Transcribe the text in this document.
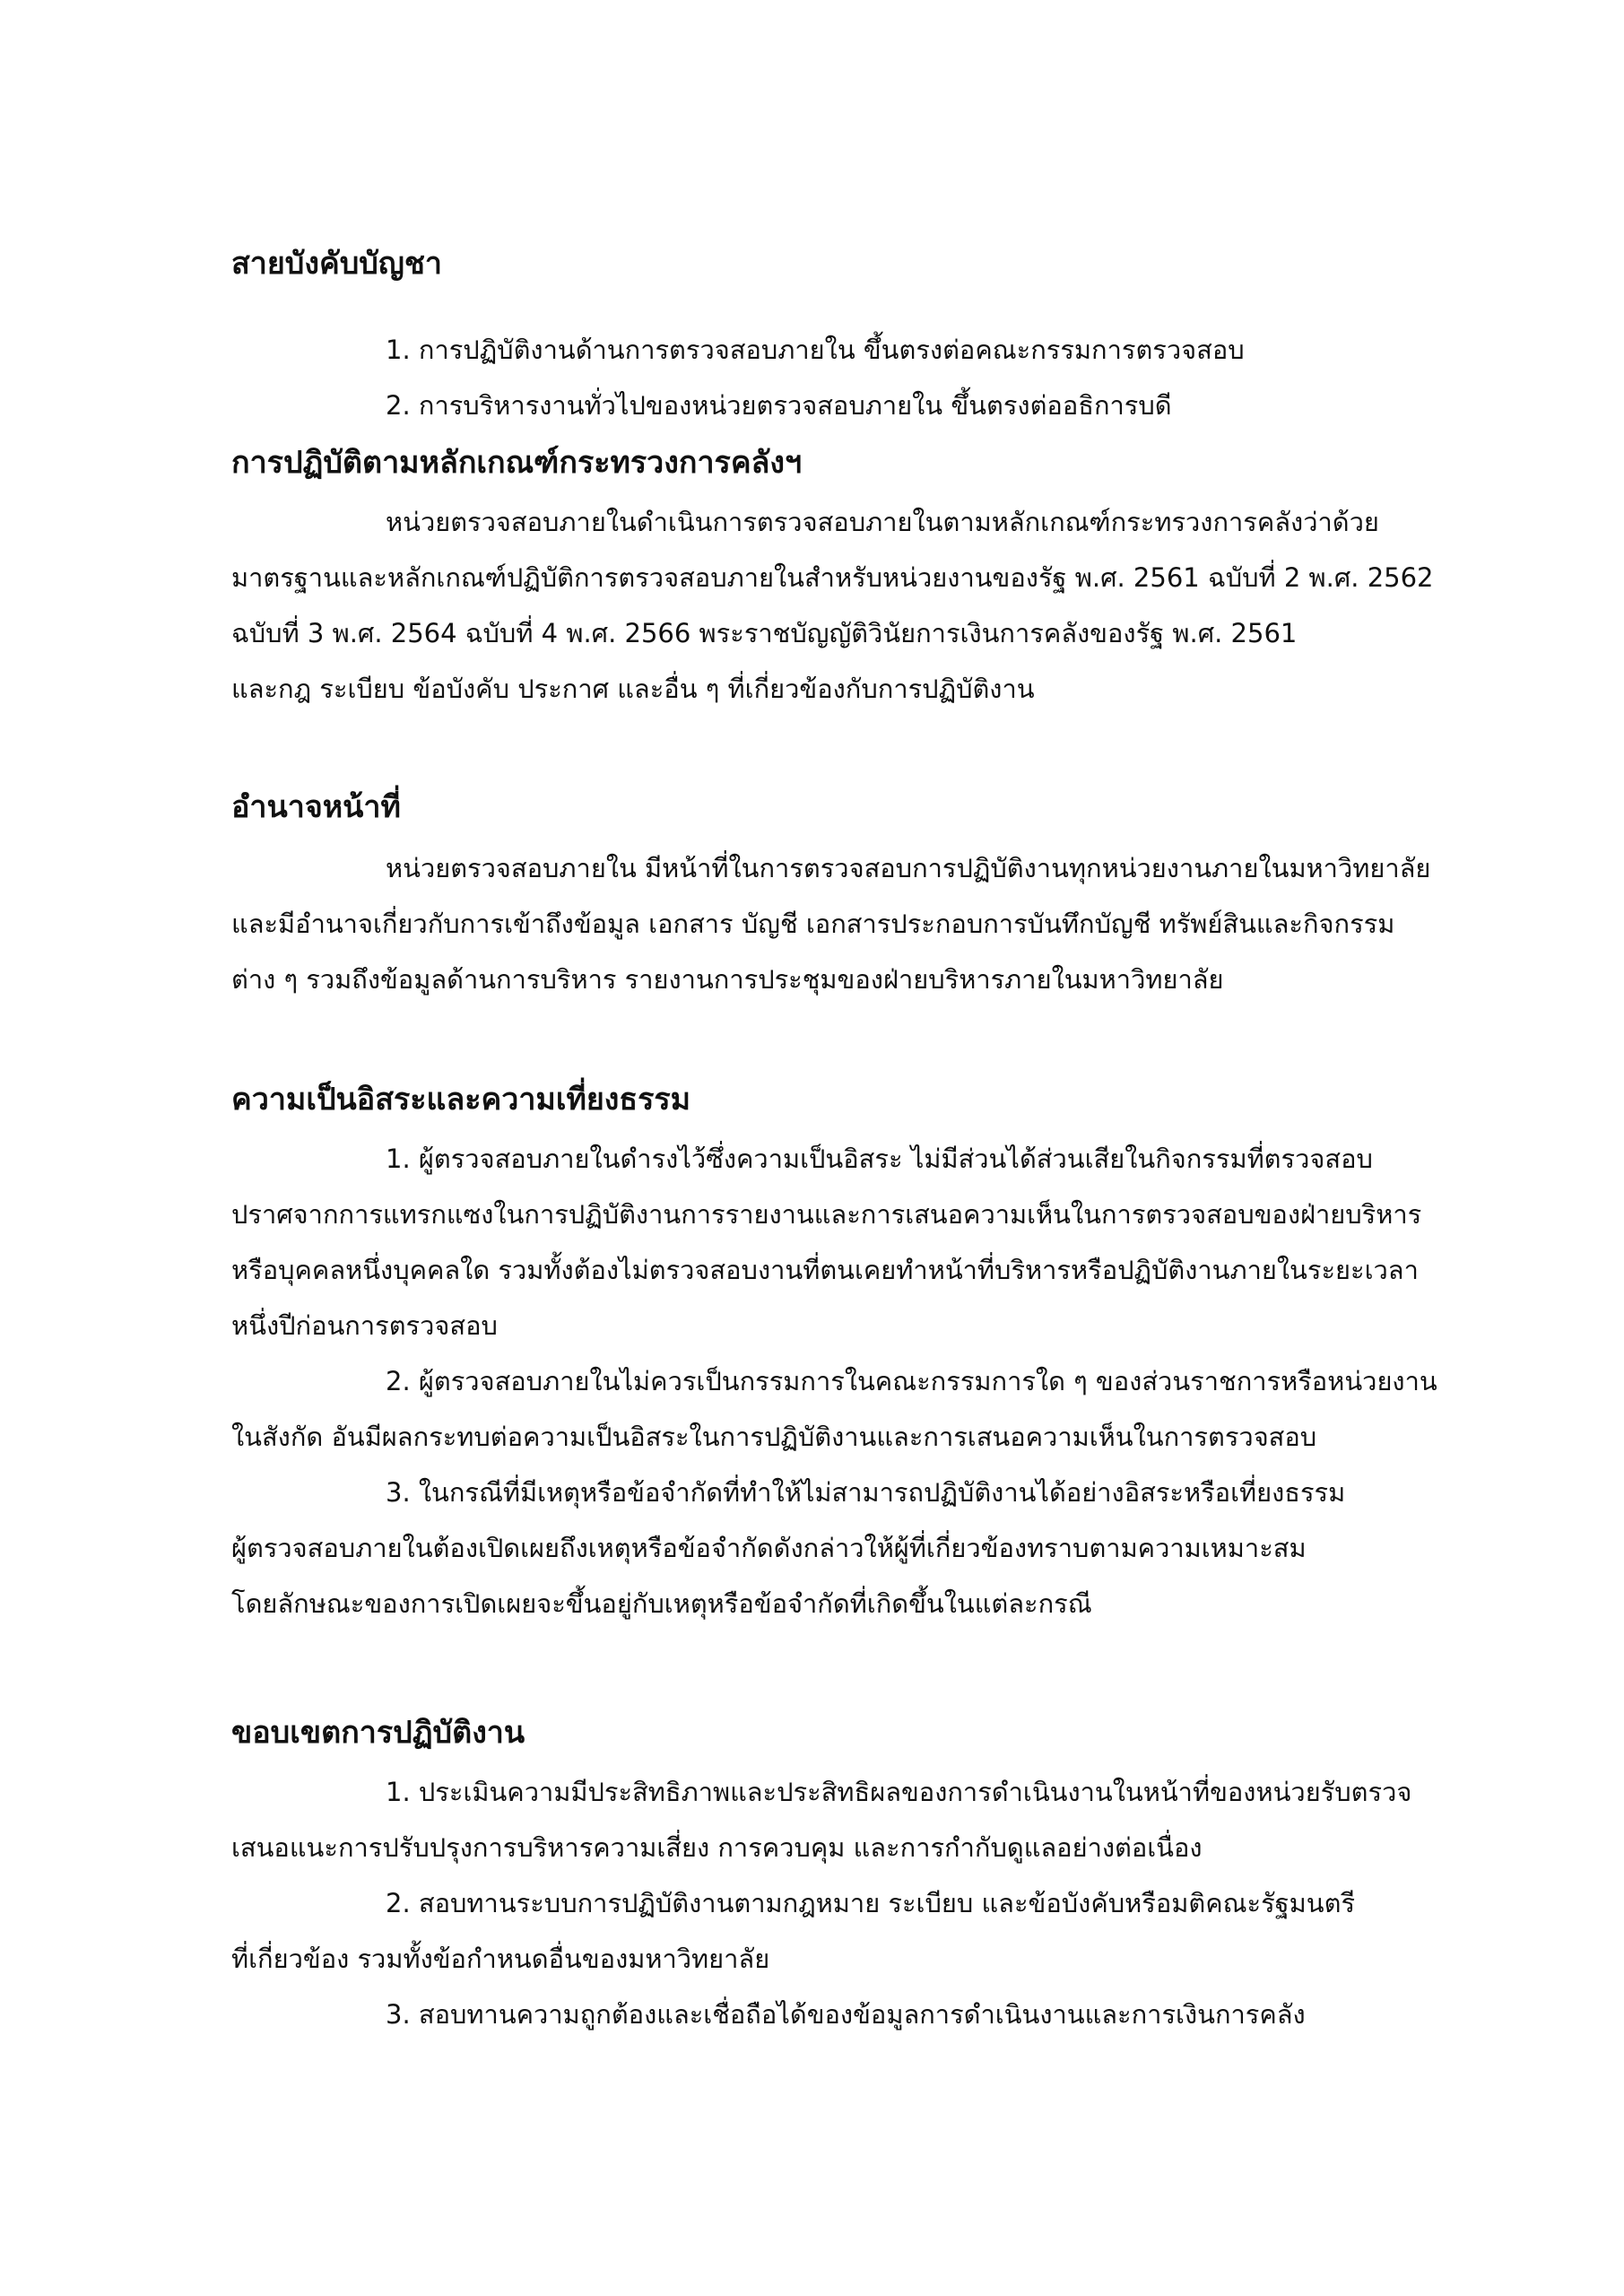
สายบังคับบัญชา
1. การปฏิบัติงานด้านการตรวจสอบภายใน ขึ้นตรงต่อคณะกรรมการตรวจสอบ
2. การบริหารงานทั่วไปของหน่วยตรวจสอบภายใน ขึ้นตรงต่ออธิการบดี
การปฏิบัติตามหลักเกณฑ์กระทรวงการคลังฯ
หน่วยตรวจสอบภายในดำเนินการตรวจสอบภายในตามหลักเกณฑ์กระทรวงการคลังว่าด้วย
มาตรฐานและหลักเกณฑ์ปฏิบัติการตรวจสอบภายในสำหรับหน่วยงานของรัฐ พ.ศ. 2561 ฉบับที่ 2 พ.ศ. 2562
ฉบับที่ 3 พ.ศ. 2564 ฉบับที่ 4 พ.ศ. 2566 พระราชบัญญัติวินัยการเงินการคลังของรัฐ พ.ศ. 2561
และกฎ ระเบียบ ข้อบังคับ ประกาศ และอื่น ๆ ที่เกี่ยวข้องกับการปฏิบัติงาน
อำนาจหน้าที่
หน่วยตรวจสอบภายใน มีหน้าที่ในการตรวจสอบการปฏิบัติงานทุกหน่วยงานภายในมหาวิทยาลัย
และมีอำนาจเกี่ยวกับการเข้าถึงข้อมูล เอกสาร บัญชี เอกสารประกอบการบันทึกบัญชี ทรัพย์สินและกิจกรรม
ต่าง ๆ รวมถึงข้อมูลด้านการบริหาร รายงานการประชุมของฝ่ายบริหารภายในมหาวิทยาลัย
ความเป็นอิสระและความเที่ยงธรรม
1. ผู้ตรวจสอบภายในดำรงไว้ซึ่งความเป็นอิสระ ไม่มีส่วนได้ส่วนเสียในกิจกรรมที่ตรวจสอบ
ปราศจากการแทรกแซงในการปฏิบัติงานการรายงานและการเสนอความเห็นในการตรวจสอบของฝ่ายบริหาร
หรือบุคคลหนึ่งบุคคลใด รวมทั้งต้องไม่ตรวจสอบงานที่ตนเคยทำหน้าที่บริหารหรือปฏิบัติงานภายในระยะเวลา
หนึ่งปีก่อนการตรวจสอบ
2. ผู้ตรวจสอบภายในไม่ควรเป็นกรรมการในคณะกรรมการใด ๆ ของส่วนราชการหรือหน่วยงาน
ในสังกัด อันมีผลกระทบต่อความเป็นอิสระในการปฏิบัติงานและการเสนอความเห็นในการตรวจสอบ
3. ในกรณีที่มีเหตุหรือข้อจำกัดที่ทำให้ไม่สามารถปฏิบัติงานได้อย่างอิสระหรือเที่ยงธรรม
ผู้ตรวจสอบภายในต้องเปิดเผยถึงเหตุหรือข้อจำกัดดังกล่าวให้ผู้ที่เกี่ยวข้องทราบตามความเหมาะสม
โดยลักษณะของการเปิดเผยจะขึ้นอยู่กับเหตุหรือข้อจำกัดที่เกิดขึ้นในแต่ละกรณี
ขอบเขตการปฏิบัติงาน
1. ประเมินความมีประสิทธิภาพและประสิทธิผลของการดำเนินงานในหน้าที่ของหน่วยรับตรวจ
เสนอแนะการปรับปรุงการบริหารความเสี่ยง การควบคุม และการกำกับดูแลอย่างต่อเนื่อง
2. สอบทานระบบการปฏิบัติงานตามกฎหมาย ระเบียบ และข้อบังคับหรือมติคณะรัฐมนตรี
ที่เกี่ยวข้อง รวมทั้งข้อกำหนดอื่นของมหาวิทยาลัย
3. สอบทานความถูกต้องและเชื่อถือได้ของข้อมูลการดำเนินงานและการเงินการคลัง
